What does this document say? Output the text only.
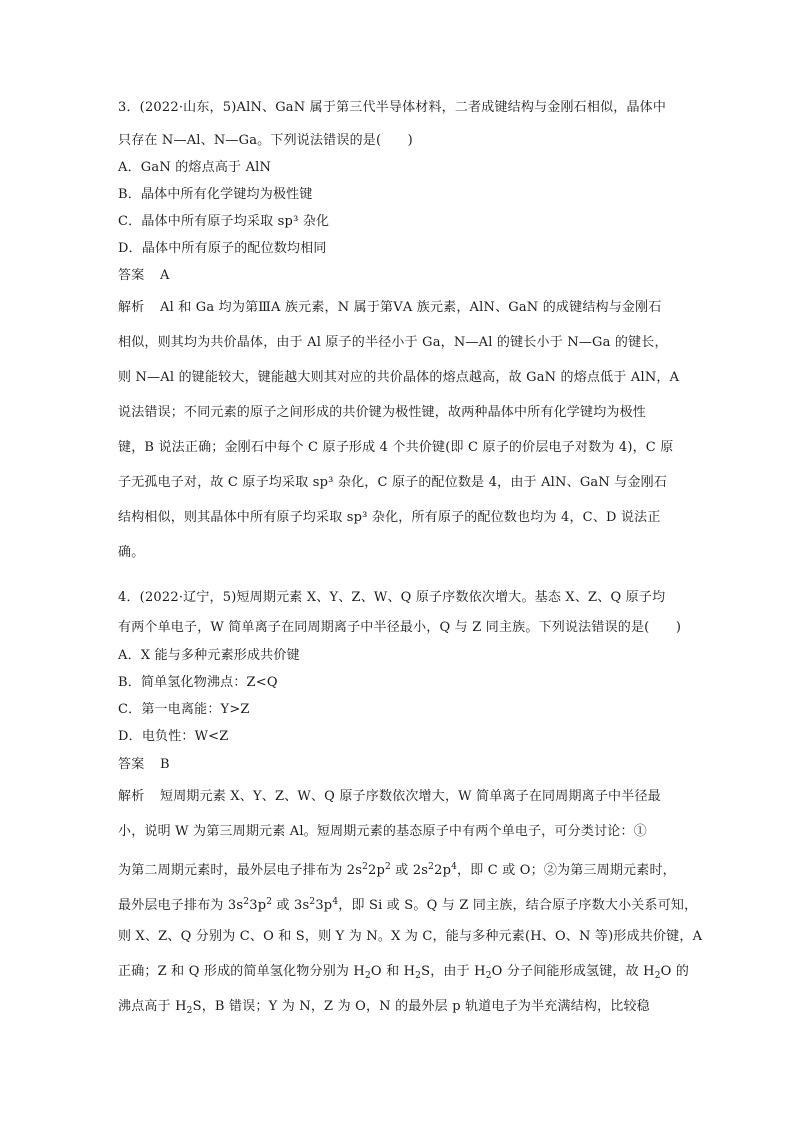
3．(2022·山东，5)AlN、GaN 属于第三代半导体材料，二者成键结构与金刚石相似，晶体中
只存在 N—Al、N—Ga。下列说法错误的是(　　)
A．GaN 的熔点高于 AlN
B．晶体中所有化学键均为极性键
C．晶体中所有原子均采取 sp³ 杂化
D．晶体中所有原子的配位数均相同
答案 A
解析 Al 和 Ga 均为第ⅢA 族元素，N 属于第ⅤA 族元素，AlN、GaN 的成键结构与金刚石
相似，则其均为共价晶体，由于 Al 原子的半径小于 Ga，N—Al 的键长小于 N—Ga 的键长，
则 N—Al 的键能较大，键能越大则其对应的共价晶体的熔点越高，故 GaN 的熔点低于 AlN，A
说法错误；不同元素的原子之间形成的共价键为极性键，故两种晶体中所有化学键均为极性
键，B 说法正确；金刚石中每个 C 原子形成 4 个共价键(即 C 原子的价层电子对数为 4)，C 原
子无孤电子对，故 C 原子均采取 sp³ 杂化，C 原子的配位数是 4，由于 AlN、GaN 与金刚石
结构相似，则其晶体中所有原子均采取 sp³ 杂化，所有原子的配位数也均为 4，C、D 说法正
确。
4．(2022·辽宁，5)短周期元素 X、Y、Z、W、Q 原子序数依次增大。基态 X、Z、Q 原子均
有两个单电子，W 简单离子在同周期离子中半径最小，Q 与 Z 同主族。下列说法错误的是(　　)
A．X 能与多种元素形成共价键
B．简单氢化物沸点：Z<Q
C．第一电离能：Y>Z
D．电负性：W<Z
答案 B
解析 短周期元素 X、Y、Z、W、Q 原子序数依次增大，W 简单离子在同周期离子中半径最
小，说明 W 为第三周期元素 Al。短周期元素的基态原子中有两个单电子，可分类讨论：①
为第二周期元素时，最外层电子排布为 $2s^22p^2$ 或 $2s^22p^4$，即 C 或 O；②为第三周期元素时，
最外层电子排布为 $3s^23p^2$ 或 $3s^23p^4$，即 Si 或 S。Q 与 Z 同主族，结合原子序数大小关系可知，
则 X、Z、Q 分别为 C、O 和 S，则 Y 为 N。X 为 C，能与多种元素(H、O、N 等)形成共价键，A
正确；Z 和 Q 形成的简单氢化物分别为 $H_2O$ 和 $H_2S$，由于 $H_2O$ 分子间能形成氢键，故 $H_2O$ 的
沸点高于 $H_2S$，B 错误；Y 为 N，Z 为 O，N 的最外层 p 轨道电子为半充满结构，比较稳
